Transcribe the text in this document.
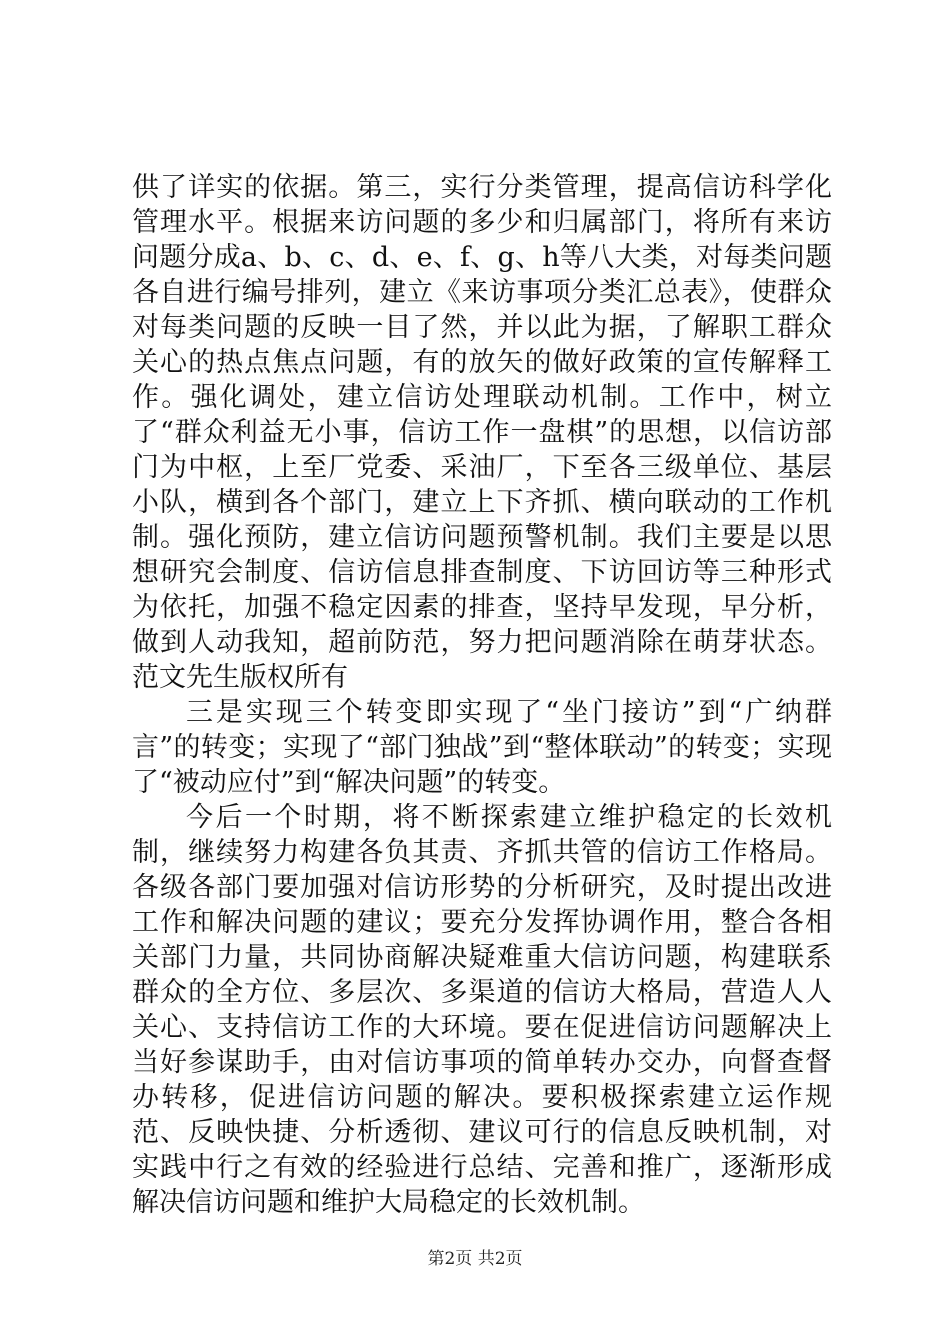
供了详实的依据。第三，实行分类管理，提高信访科学化管理水平。根据来访问题的多少和归属部门，将所有来访问题分成a、b、c、d、e、f、g、h等八大类，对每类问题各自进行编号排列，建立《来访事项分类汇总表》，使群众对每类问题的反映一目了然，并以此为据，了解职工群众关心的热点焦点问题，有的放矢的做好政策的宣传解释工作。强化调处，建立信访处理联动机制。工作中，树立了“群众利益无小事，信访工作一盘棋”的思想，以信访部门为中枢，上至厂党委、采油厂，下至各三级单位、基层小队，横到各个部门，建立上下齐抓、横向联动的工作机制。强化预防，建立信访问题预警机制。我们主要是以思想研究会制度、信访信息排查制度、下访回访等三种形式为依托，加强不稳定因素的排查，坚持早发现，早分析，做到人动我知，超前防范，努力把问题消除在萌芽状态。范文先生版权所有

三是实现三个转变即实现了“坐门接访”到“广纳群言”的转变；实现了“部门独战”到“整体联动”的转变；实现了“被动应付”到“解决问题”的转变。

今后一个时期，将不断探索建立维护稳定的长效机制，继续努力构建各负其责、齐抓共管的信访工作格局。各级各部门要加强对信访形势的分析研究，及时提出改进工作和解决问题的建议；要充分发挥协调作用，整合各相关部门力量，共同协商解决疑难重大信访问题，构建联系群众的全方位、多层次、多渠道的信访大格局，营造人人关心、支持信访工作的大环境。要在促进信访问题解决上当好参谋助手，由对信访事项的简单转办交办，向督查督办转移，促进信访问题的解决。要积极探索建立运作规范、反映快捷、分析透彻、建议可行的信息反映机制，对实践中行之有效的经验进行总结、完善和推广，逐渐形成解决信访问题和维护大局稳定的长效机制。

第2页 共2页
